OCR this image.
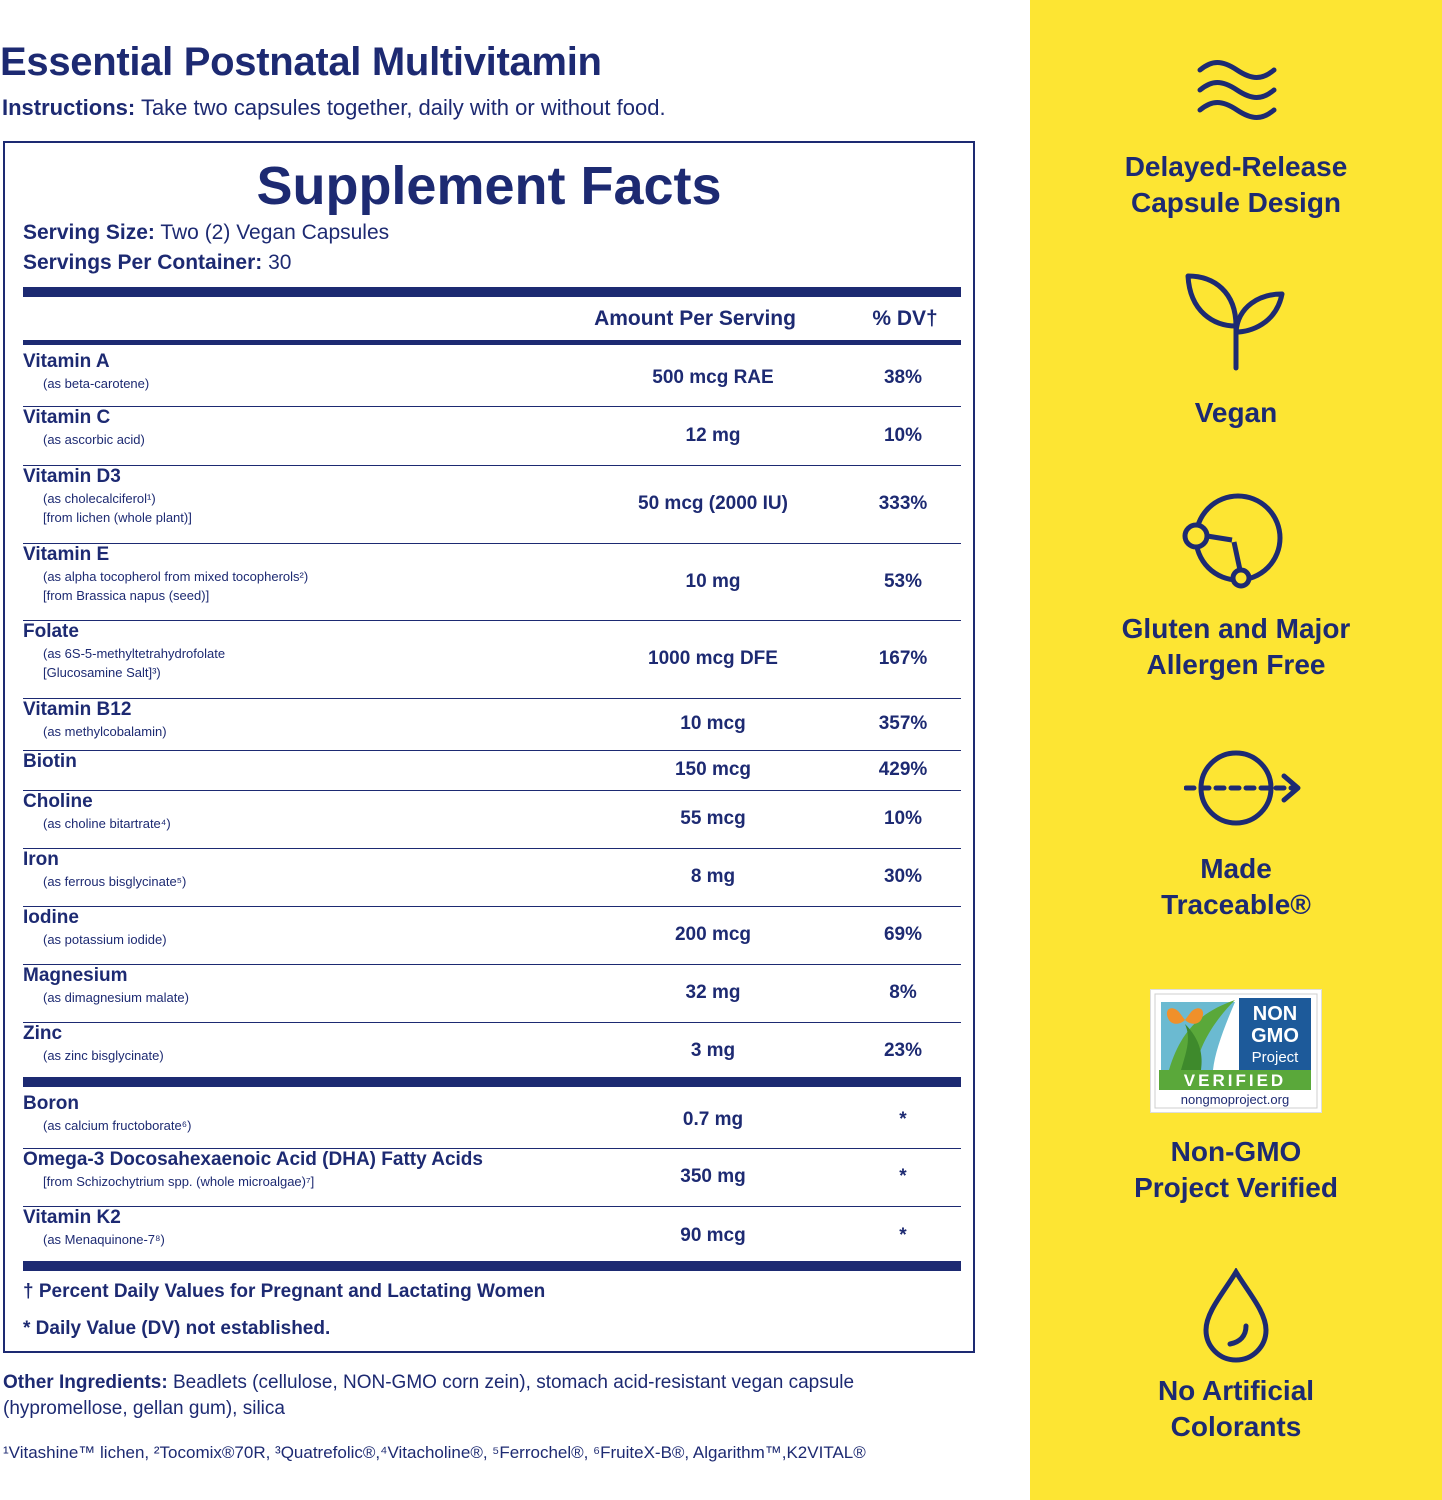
Essential Postnatal Multivitamin
Instructions: Take two capsules together, daily with or without food.
Supplement Facts
Serving Size: Two (2) Vegan Capsules
Servings Per Container: 30
Amount Per Serving	% DV†
Vitamin A
(as beta-carotene)	500 mcg RAE	38%
Vitamin C
(as ascorbic acid)	12 mg	10%
Vitamin D3
(as cholecalciferol¹)
[from lichen (whole plant)]
50 mcg (2000 IU)	333%
Vitamin E
(as alpha tocopherol from mixed tocopherols²)
[from Brassica napus (seed)]
10 mg	53%
Folate
(as 6S-5-methyltetrahydrofolate
[Glucosamine Salt]³)
1000 mcg DFE	167%
Vitamin B12
(as methylcobalamin)	10 mcg	357%
Biotin	150 mcg	429%
Choline
(as choline bitartrate⁴)	55 mcg	10%
Iron
(as ferrous bisglycinate⁵)	8 mg	30%
Iodine
(as potassium iodide)	200 mcg	69%
Magnesium
(as dimagnesium malate)	32 mg	8%
Zinc
(as zinc bisglycinate)	3 mg	23%
Boron
(as calcium fructoborate⁶)	0.7 mg	*
Omega-3 Docosahexaenoic Acid (DHA) Fatty Acids
[from Schizochytrium spp. (whole microalgae)⁷]	350 mg	*
Vitamin K2
(as Menaquinone-7⁸)	90 mcg	*
† Percent Daily Values for Pregnant and Lactating Women
* Daily Value (DV) not established.
Other Ingredients: Beadlets (cellulose, NON-GMO corn zein), stomach acid-resistant vegan capsule (hypromellose, gellan gum), silica
¹Vitashine™ lichen, ²Tocomix®70R, ³Quatrefolic®,⁴Vitacholine®, ⁵Ferrochel®, ⁶FruiteX-B®, Algarithm™,K2VITAL®
Delayed-Release
Capsule Design
Vegan
Gluten and Major
Allergen Free
Made
Traceable®
NON
GMO
Project
VERIFIED
nongmoproject.org
Non-GMO
Project Verified
No Artificial
Colorants
